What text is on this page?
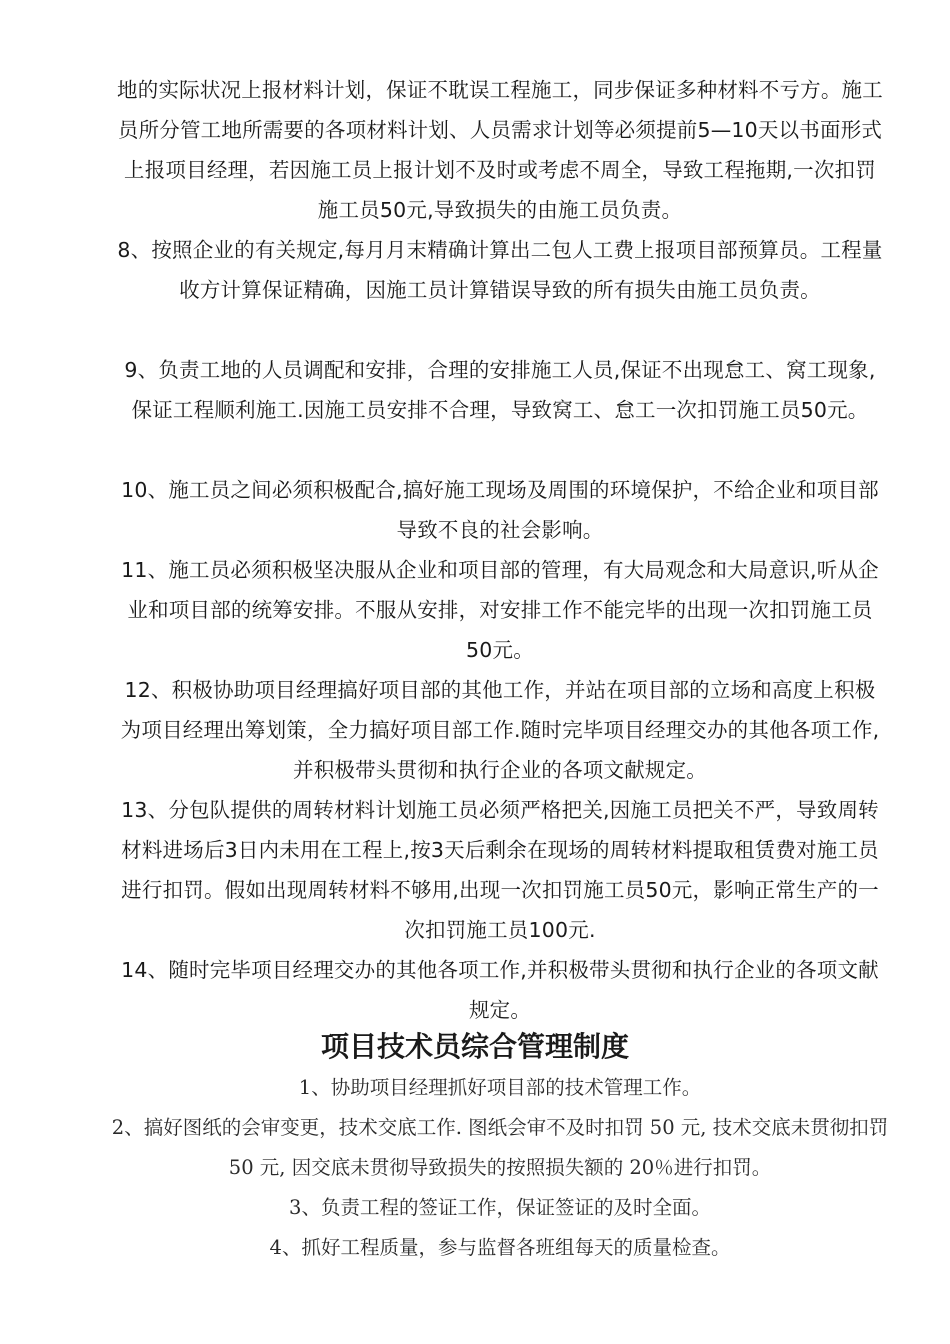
地的实际状况上报材料计划，保证不耽误工程施工，同步保证多种材料不亏方。施工员所分管工地所需要的各项材料计划、人员需求计划等必须提前5—10天以书面形式上报项目经理，若因施工员上报计划不及时或考虑不周全，导致工程拖期,一次扣罚施工员50元,导致损失的由施工员负责。
8、按照企业的有关规定,每月月末精确计算出二包人工费上报项目部预算员。工程量收方计算保证精确，因施工员计算错误导致的所有损失由施工员负责。
9、负责工地的人员调配和安排，合理的安排施工人员,保证不出现怠工、窝工现象,保证工程顺利施工.因施工员安排不合理，导致窝工、怠工一次扣罚施工员50元。
10、施工员之间必须积极配合,搞好施工现场及周围的环境保护，不给企业和项目部导致不良的社会影响。
11、施工员必须积极坚决服从企业和项目部的管理，有大局观念和大局意识,听从企业和项目部的统筹安排。不服从安排，对安排工作不能完毕的出现一次扣罚施工员50元。
12、积极协助项目经理搞好项目部的其他工作，并站在项目部的立场和高度上积极为项目经理出筹划策，全力搞好项目部工作.随时完毕项目经理交办的其他各项工作,并积极带头贯彻和执行企业的各项文献规定。
13、分包队提供的周转材料计划施工员必须严格把关,因施工员把关不严，导致周转材料进场后3日内未用在工程上,按3天后剩余在现场的周转材料提取租赁费对施工员进行扣罚。假如出现周转材料不够用,出现一次扣罚施工员50元，影响正常生产的一次扣罚施工员100元.
14、随时完毕项目经理交办的其他各项工作,并积极带头贯彻和执行企业的各项文献规定。
项目技术员综合管理制度
1、协助项目经理抓好项目部的技术管理工作。
2、搞好图纸的会审变更，技术交底工作. 图纸会审不及时扣罚 50 元, 技术交底未贯彻扣罚 50 元, 因交底未贯彻导致损失的按照损失额的 20％进行扣罚。
3、负责工程的签证工作，保证签证的及时全面。
4、抓好工程质量，参与监督各班组每天的质量检查。
